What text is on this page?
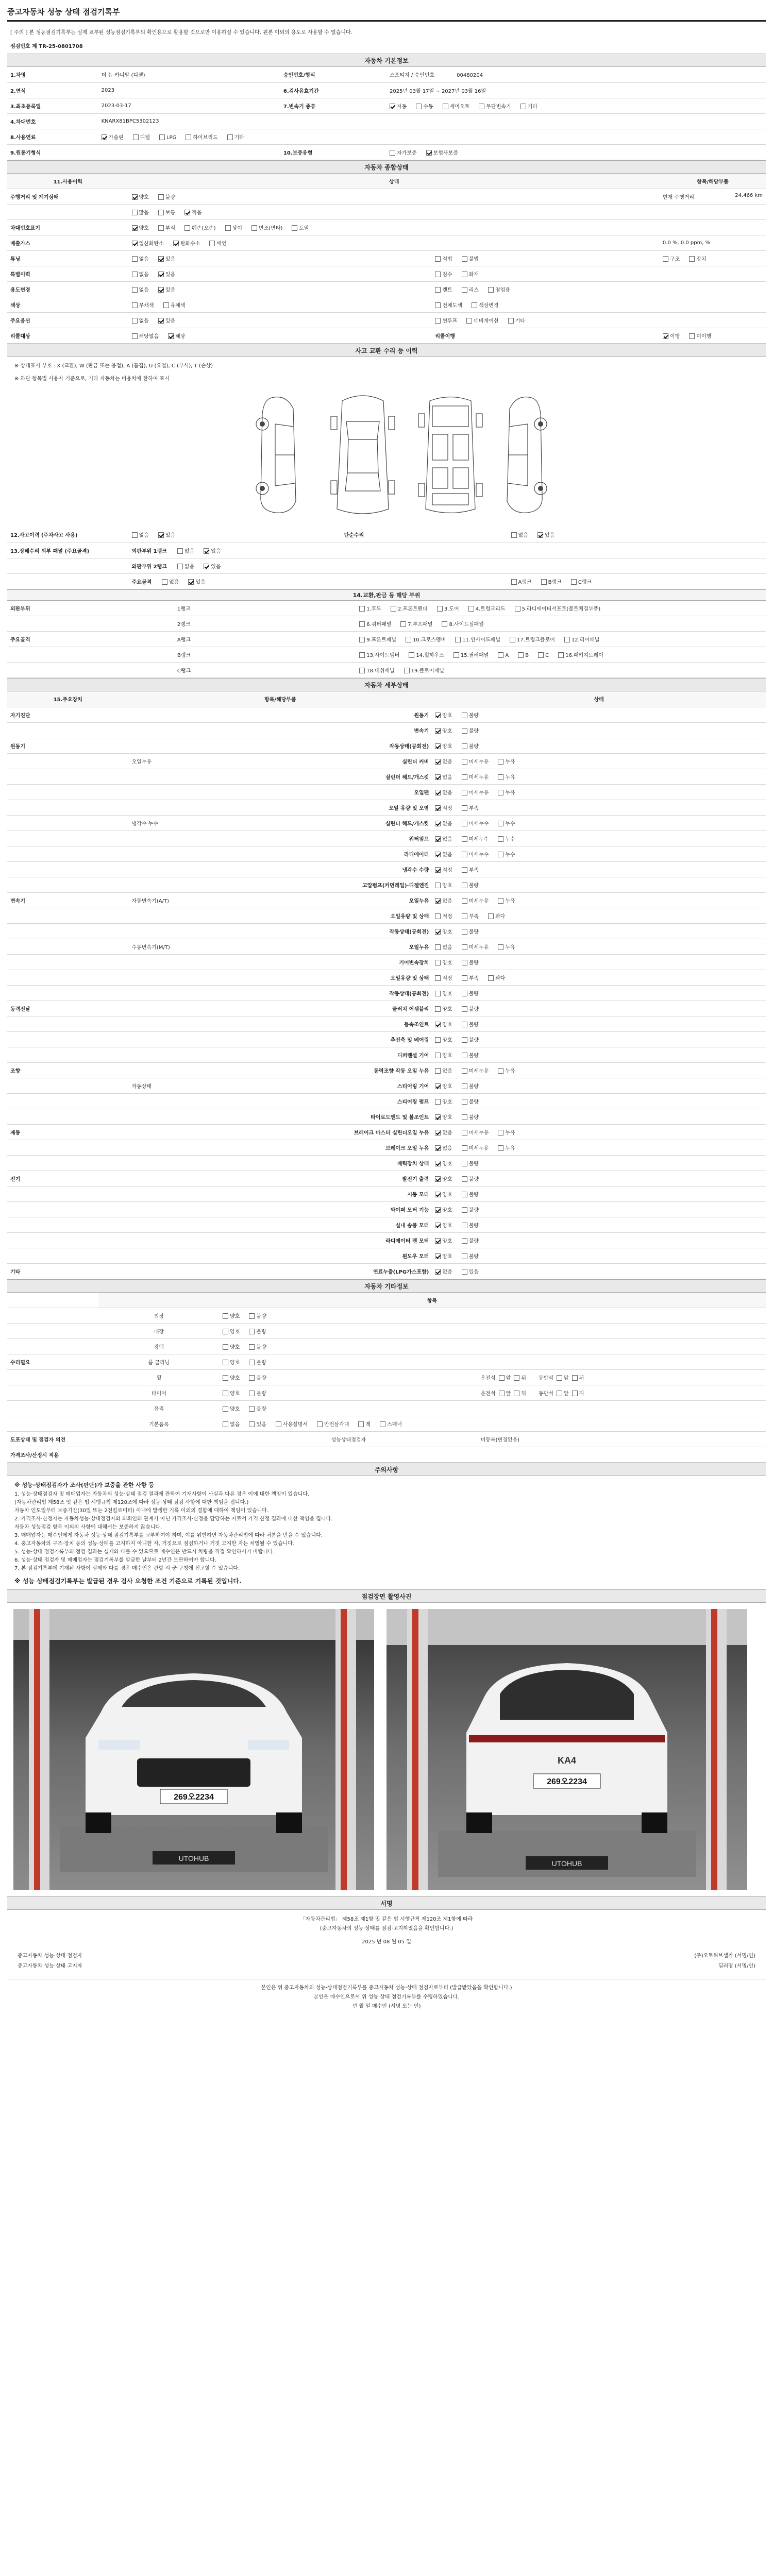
중고자동차 성능 상태 점검기록부
[ 주의 ] 본 성능점검기록부는 실제 교부된 성능점검기록부의 확인용으로 활용할 것으로만 이용하실 수 있습니다. 원본 이외의 용도로 사용할 수 없습니다.
점검번호 제 TR-25-0801708
자동차 기본정보
1.차명	더 뉴 카니발 (디젤)	승인번호/형식	스포티지 / 승인번호 00480204
2.연식	2023	6.검사유효기간	2025년 03월 17일 ~ 2027년 03월 16일
3.최초등록일	2023-03-17	7.변속기 종류	자동 수동 세미오토 무단변속기 기타
4.차대번호	KNARX81BPC5302123		
8.사용연료	가솔린 디젤 LPG 하이브리드 기타		
9.원동기형식		10.보증유형	자가보증 보험사보증
자동차 종합상태
11.사용이력	상태		항목/해당부품
주행거리 및 계기상태	양호 불량		현재 주행거리 24,466 km

	많음 보통 적음		
차대번호표기	양호 부식 훼손(오손) 상이 변조(변타) 도말		
배출가스	일산화탄소 탄화수소 매연		0.0 %, 0.0 ppm, %
튜닝	없음 있음	적법 불법	구조 장치
특별이력	없음 있음	침수 화재	
용도변경	없음 있음	렌트 리스 영업용	
색상	무채색 유채색	전체도색 색상변경	
주요옵션	없음 있음	썬루프 네비게이션 기타	
리콜대상	해당없음 해당	리콜이행	이행 미이행
사고 교환 수리 등 이력
※ 상태표시 부호 : X (교환), W (판금 또는 용접), A (흠집), U (요철), C (부식), T (손상)
※ 하단 항목별 사용자 기준으로, 기타 자동차는 비용처에 한하여 표시
12.사고이력 (주차사고 사용)	없음 있음	단순수리	없음 있음
13.장해수리 외부 패널 (주요골격)	외판부위 1랭크 없음 있음		
	외판부위 2랭크 없음 있음		
	주요골격 없음 있음		A랭크 B랭크 C랭크
14.교환,판금 등 해당 부위
외판부위	1랭크	1.후드 2.프론트펜더 3.도어 4.트렁크리드 5.라디에이터서포트(볼트체결부품)
	2랭크	6.쿼터패널 7.루프패널 8.사이드실패널
주요골격	A랭크	9.프론트패널 10.크로스멤버 11.인사이드패널 17.트렁크플로어 12.리어패널
	B랭크	13.사이드멤버 14.휠하우스 15.필러패널 A B C 16.패키지트레이
	C랭크	18.대쉬패널 19.플로어패널
자동차 세부상태
15.주요장치	항목/해당부품		상태
자기진단		원동기	양호 불량
		변속기	양호 불량
원동기		작동상태(공회전)	양호 불량
	오일누유	실린더 커버	없음 미세누유 누유
		실린더 헤드/개스킷	없음 미세누유 누유
		오일팬	없음 미세누유 누유
		오일 유량 및 오염	적정 부족
	냉각수 누수	실린더 헤드/개스킷	없음 미세누수 누수
		워터펌프	없음 미세누수 누수
		라디에이터	없음 미세누수 누수
		냉각수 수량	적정 부족
		고압펌프(커먼레일)-디젤엔진	양호 불량
변속기	자동변속기(A/T)	오일누유	없음 미세누유 누유
		오일유량 및 상태	적정 부족 과다
		작동상태(공회전)	양호 불량
	수동변속기(M/T)	오일누유	없음 미세누유 누유
		기어변속장치	양호 불량
		오일유량 및 상태	적정 부족 과다
		작동상태(공회전)	양호 불량
동력전달		클러치 어셈블리	양호 불량
		등속조인트	양호 불량
		추진축 및 베어링	양호 불량
		디퍼렌셜 기어	양호 불량
조향		동력조향 작동 오일 누유	없음 미세누유 누유
	작동상태	스티어링 기어	양호 불량
		스티어링 펌프	양호 불량
		타이로드엔드 및 볼조인트	양호 불량
제동		브레이크 마스터 실린더오일 누유	없음 미세누유 누유
		브레이크 오일 누유	없음 미세누유 누유
		배력장치 상태	양호 불량
전기		발전기 출력	양호 불량
		시동 모터	양호 불량
		와이퍼 모터 기능	양호 불량
		실내 송풍 모터	양호 불량
		라디에이터 팬 모터	양호 불량
		윈도우 모터	양호 불량
기타		연료누출(LPG가스포함)	없음 있음
자동차 기타정보
	항목		
	외장	양호 불량	
	내장	양호 불량	
	광택	양호 불량	
수리필요	룸 클리닝	양호 불량	
	휠	양호 불량	운전석 앞 뒤 동반석 앞 뒤
	타이어	양호 불량	운전석 앞 뒤 동반석 앞 뒤
	유리	양호 불량	
	기본품목	없음 있음 사용설명서 안전삼각대 잭 스패너	
도포상태 및 점검자 의견		성능상태점검자	미등록(변경없음)
가격조사/산정시 적용			
주의사항
※ 성능·상태점검자가 조사(판단)가 보증을 관한 사항 등
1. 성능·상태점검자 및 매매업자는 자동차의 성능·상태 점검 결과에 관하여 기재사항이 사실과 다른 경우 이에 대한 책임이 있습니다.
(자동차관리법 제58조 및 같은 법 시행규칙 제120조에 따라 성능·상태 점검 사항에 대한 책임을 집니다.)
자동차 인도일부터 보증기간(30일 또는 2천킬로미터) 이내에 발생한 기록 이외의 결함에 대하여 책임이 있습니다.
2. 가격조사·산정자는 자동차성능·상태점검자와 의뢰인의 관계가 아닌 가격조사·산정을 담당하는 자로서 가격 산정 결과에 대한 책임을 집니다.
자동차 성능점검 항목 이외의 사항에 대해서는 보증하지 않습니다.
3. 매매업자는 매수인에게 자동차 성능·상태 점검기록부를 교부하여야 하며, 이를 위반하면 자동차관리법에 따라 처분을 받을 수 있습니다.
4. 중고자동차의 구조·장치 등의 성능·상태를 고지하지 아니한 자, 거짓으로 점검하거나 거짓 고지한 자는 처벌될 수 있습니다.
5. 성능·상태 점검기록부의 점검 결과는 실제와 다를 수 있으므로 매수인은 반드시 차량을 직접 확인하시기 바랍니다.
6. 성능·상태 점검자 및 매매업자는 점검기록부를 발급한 날부터 2년간 보관하여야 합니다.
7. 본 점검기록부에 기재된 사항이 실제와 다를 경우 매수인은 관할 시·군·구청에 신고할 수 있습니다.
※ 성능 상태점검기록부는 발급된 경우 검사 요청한 조건 기준으로 기록된 것입니다.
점검장면 촬영사진
269오2234
UTOHUB
KA4
269오2234
UTOHUB
서명
「자동차관리법」 제58조 제1항 및 같은 법 시행규칙 제120조 제1항에 따라
(중고자동차의 성능·상태를 점검·고지하였음을 확인합니다.)
2025 년 08 월 05 일
중고자동차 성능·상태 점검자	(주)오토허브셀카 (서명/인)
중고자동차 성능·상태 고지자	딜러명 (서명/인)
본인은 위 중고자동차의 성능·상태점검기록부를 중고자동차 성능·상태 점검자로부터 (발급받았음을 확인합니다.)
본인은 매수인으로서 위 성능·상태 점검기록부를 수령하였습니다.
년 월 일 매수인 (서명 또는 인)
